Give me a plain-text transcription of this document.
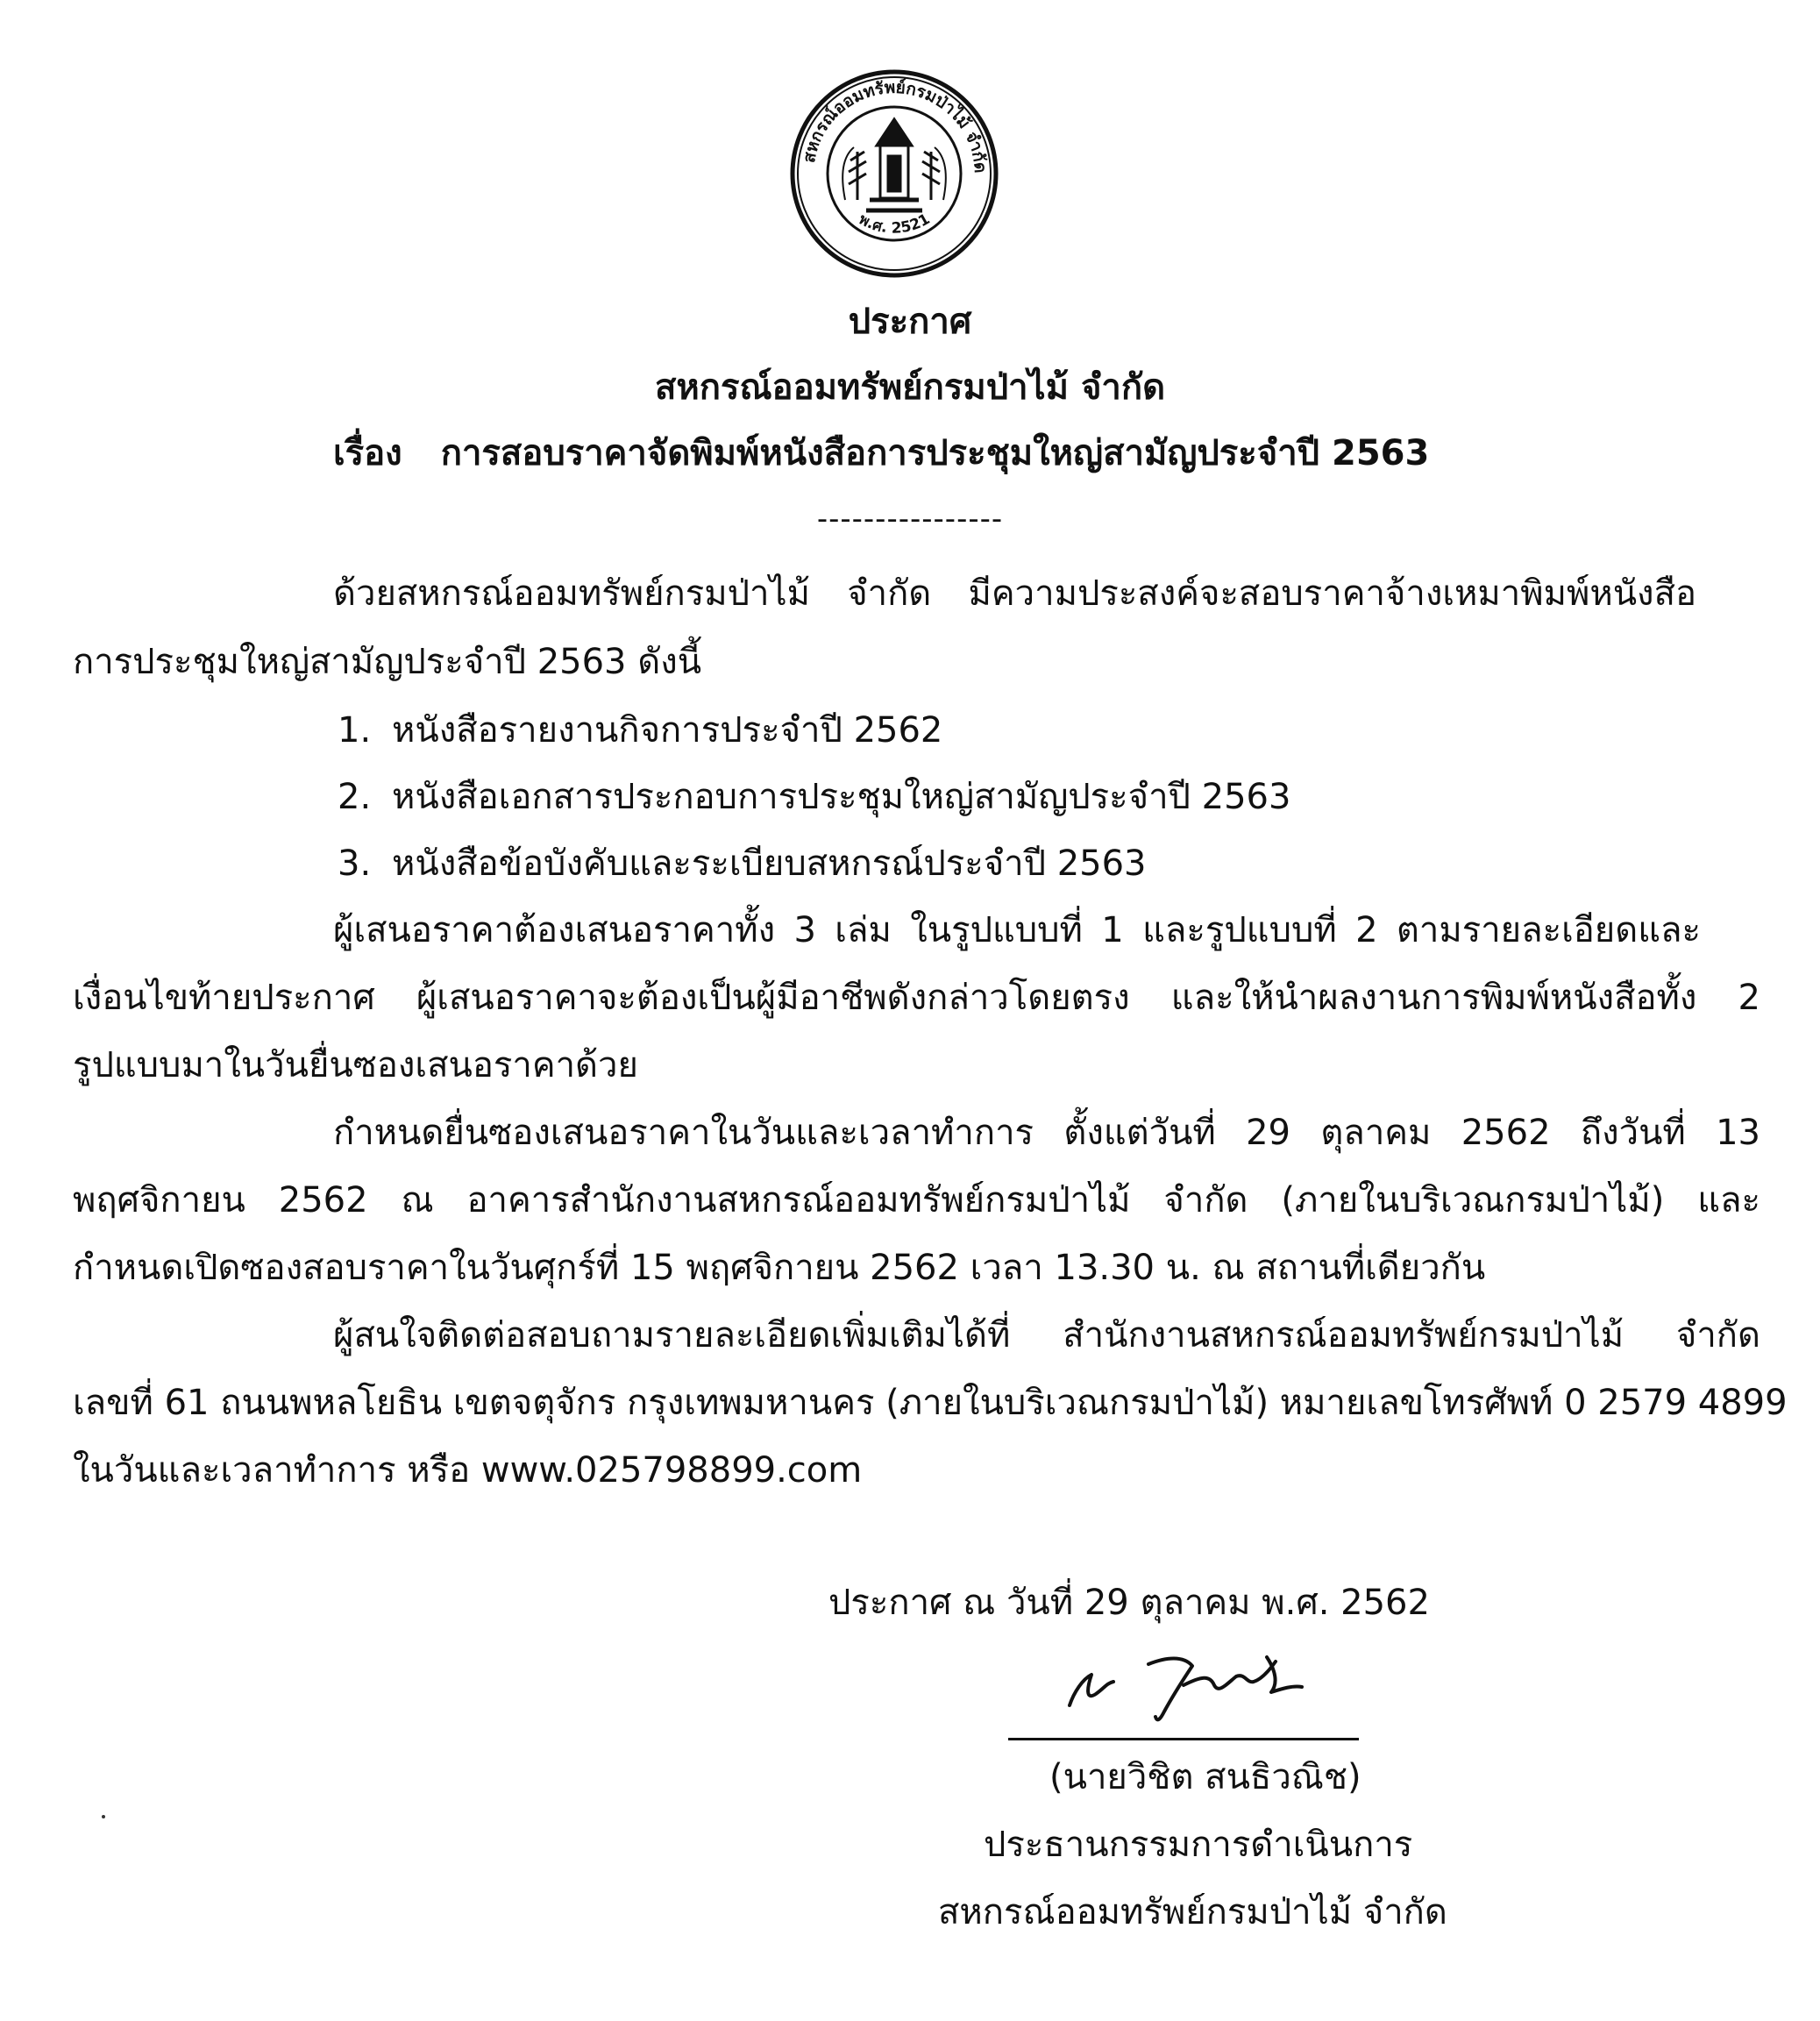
สหกรณ์ออมทรัพย์กรมป่าไม้ จำกัด
พ.ศ. 2521
ประกาศ
สหกรณ์ออมทรัพย์กรมป่าไม้ จำกัด
เรื่อง การสอบราคาจัดพิมพ์หนังสือการประชุมใหญ่สามัญประจำปี 2563
----------------
ด้วยสหกรณ์ออมทรัพย์กรมป่าไม้ จำกัด มีความประสงค์จะสอบราคาจ้างเหมาพิมพ์หนังสือ
การประชุมใหญ่สามัญประจำปี 2563 ดังนี้
1. หนังสือรายงานกิจการประจำปี 2562
2. หนังสือเอกสารประกอบการประชุมใหญ่สามัญประจำปี 2563
3. หนังสือข้อบังคับและระเบียบสหกรณ์ประจำปี 2563
ผู้เสนอราคาต้องเสนอราคาทั้ง 3 เล่ม ในรูปแบบที่ 1 และรูปแบบที่ 2 ตามรายละเอียดและ
เงื่อนไขท้ายประกาศ ผู้เสนอราคาจะต้องเป็นผู้มีอาชีพดังกล่าวโดยตรง และให้นำผลงานการพิมพ์หนังสือทั้ง 2
รูปแบบมาในวันยื่นซองเสนอราคาด้วย
กำหนดยื่นซองเสนอราคาในวันและเวลาทำการ ตั้งแต่วันที่ 29 ตุลาคม 2562 ถึงวันที่ 13
พฤศจิกายน 2562 ณ อาคารสำนักงานสหกรณ์ออมทรัพย์กรมป่าไม้ จำกัด (ภายในบริเวณกรมป่าไม้) และ
กำหนดเปิดซองสอบราคาในวันศุกร์ที่ 15 พฤศจิกายน 2562 เวลา 13.30 น. ณ สถานที่เดียวกัน
ผู้สนใจติดต่อสอบถามรายละเอียดเพิ่มเติมได้ที่ สำนักงานสหกรณ์ออมทรัพย์กรมป่าไม้ จำกัด
เลขที่ 61 ถนนพหลโยธิน เขตจตุจักร กรุงเทพมหานคร (ภายในบริเวณกรมป่าไม้) หมายเลขโทรศัพท์ 0 2579 4899
ในวันและเวลาทำการ หรือ www.025798899.com
ประกาศ ณ วันที่ 29 ตุลาคม พ.ศ. 2562
(นายวิชิต สนธิวณิช)
ประธานกรรมการดำเนินการ
สหกรณ์ออมทรัพย์กรมป่าไม้ จำกัด
